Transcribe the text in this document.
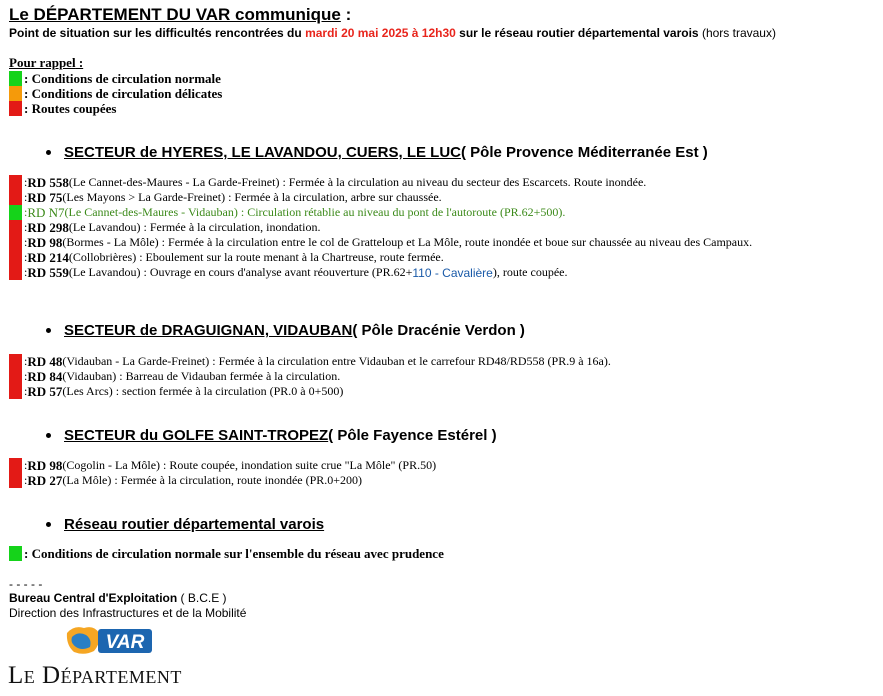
Le DÉPARTEMENT DU VAR communique :
Point de situation sur les difficultés rencontrées du mardi 20 mai 2025 à 12h30 sur le réseau routier départemental varois (hors travaux)
Pour rappel :
: Conditions de circulation normale
: Conditions de circulation délicates
: Routes coupées
SECTEUR de HYERES, LE LAVANDOU, CUERS, LE LUC ( Pôle Provence Méditerranée Est )
: RD 558 (Le Cannet-des-Maures - La Garde-Freinet) : Fermée à la circulation au niveau du secteur des Escarcets. Route inondée.
: RD 75 (Les Mayons > La Garde-Freinet) : Fermée à la circulation, arbre sur chaussée.
: RD N7 (Le Cannet-des-Maures - Vidauban) : Circulation rétablie au niveau du pont de l'autoroute (PR.62+500).
: RD 298 (Le Lavandou) : Fermée à la circulation, inondation.
: RD 98 (Bormes - La Môle) : Fermée à la circulation entre le col de Gratteloup et La Môle, route inondée et boue sur chaussée au niveau des Campaux.
: RD 214 (Collobrières) : Eboulement sur la route menant à la Chartreuse, route fermée.
: RD 559 (Le Lavandou) : Ouvrage en cours d'analyse avant réouverture (PR.62+ 110 - Cavalière ), route coupée.
SECTEUR de DRAGUIGNAN, VIDAUBAN ( Pôle Dracénie Verdon )
: RD 48 (Vidauban - La Garde-Freinet) : Fermée à la circulation entre Vidauban et le carrefour RD48/RD558 (PR.9 à 16a).
: RD 84 (Vidauban) : Barreau de Vidauban fermée à la circulation.
: RD 57 (Les Arcs) : section fermée à la circulation (PR.0 à 0+500)
SECTEUR du GOLFE SAINT-TROPEZ ( Pôle Fayence Estérel )
: RD 98 (Cogolin - La Môle) : Route coupée, inondation suite crue "La Môle" (PR.50)
: RD 27 (La Môle) : Fermée à la circulation, route inondée (PR.0+200)
Réseau routier départemental varois
: Conditions de circulation normale sur l'ensemble du réseau avec prudence
- - - - -
Bureau Central d'Exploitation ( B.C.E )
Direction des Infrastructures et de la Mobilité
VAR
Le Département
